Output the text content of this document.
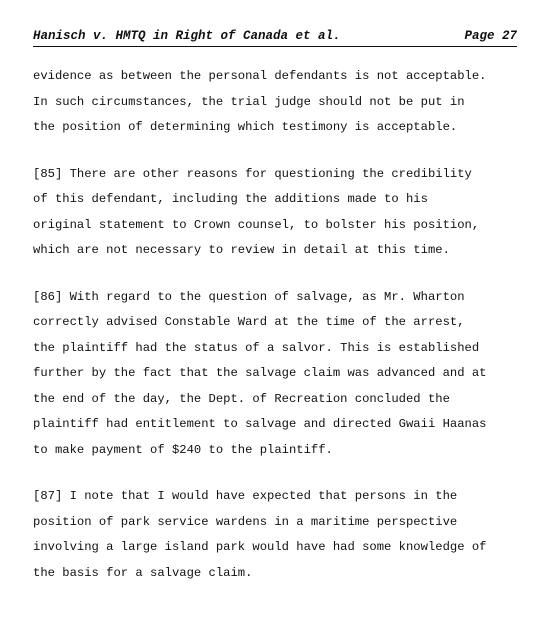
Hanisch v. HMTQ in Right of Canada et al.	Page 27

evidence as between the personal defendants is not acceptable.
In such circumstances, the trial judge should not be put in
the position of determining which testimony is acceptable.

[85] There are other reasons for questioning the credibility
of this defendant, including the additions made to his
original statement to Crown counsel, to bolster his position,
which are not necessary to review in detail at this time.

[86] With regard to the question of salvage, as Mr. Wharton
correctly advised Constable Ward at the time of the arrest,
the plaintiff had the status of a salvor. This is established
further by the fact that the salvage claim was advanced and at
the end of the day, the Dept. of Recreation concluded the
plaintiff had entitlement to salvage and directed Gwaii Haanas
to make payment of $240 to the plaintiff.

[87] I note that I would have expected that persons in the
position of park service wardens in a maritime perspective
involving a large island park would have had some knowledge of
the basis for a salvage claim.
